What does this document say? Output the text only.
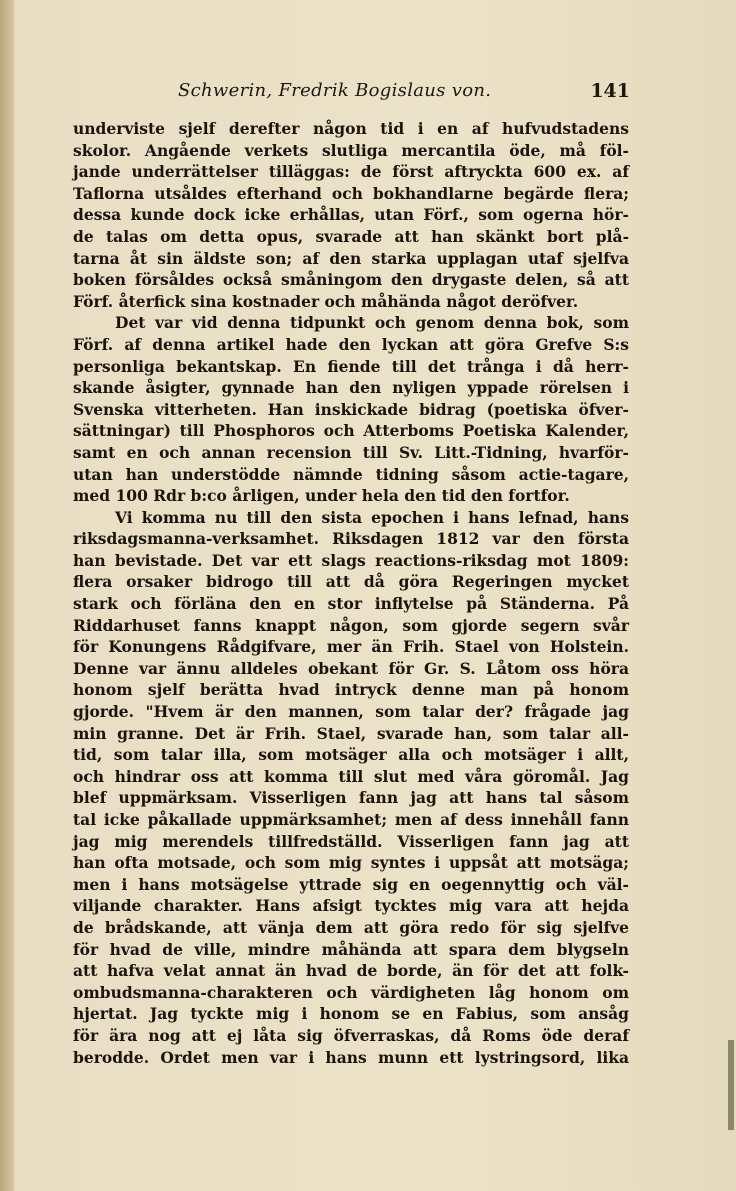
Schwerin, Fredrik Bogislaus von.	141
underviste sjelf derefter någon tid i en af hufvudstadens
skolor. Angående verkets slutliga mercantila öde, må föl-
jande underrättelser tilläggas: de först aftryckta 600 ex. af
Taflorna utsåldes efterhand och bokhandlarne begärde flera;
dessa kunde dock icke erhållas, utan Förf., som ogerna hör-
de talas om detta opus, svarade att han skänkt bort plå-
tarna åt sin äldste son; af den starka upplagan utaf sjelfva
boken försåldes också småningom den drygaste delen, så att
Förf. återfick sina kostnader och måhända något deröfver.
Det var vid denna tidpunkt och genom denna bok, som
Förf. af denna artikel hade den lyckan att göra Grefve S:s
personliga bekantskap. En fiende till det trånga i då herr-
skande åsigter, gynnade han den nyligen yppade rörelsen i
Svenska vitterheten. Han inskickade bidrag (poetiska öfver-
sättningar) till Phosphoros och Atterboms Poetiska Kalender,
samt en och annan recension till Sv. Litt.-Tidning, hvarför-
utan han understödde nämnde tidning såsom actie-tagare,
med 100 Rdr b:co årligen, under hela den tid den fortfor.
Vi komma nu till den sista epochen i hans lefnad, hans
riksdagsmanna-verksamhet. Riksdagen 1812 var den första
han bevistade. Det var ett slags reactions-riksdag mot 1809:
flera orsaker bidrogo till att då göra Regeringen mycket
stark och förläna den en stor inflytelse på Ständerna. På
Riddarhuset fanns knappt någon, som gjorde segern svår
för Konungens Rådgifvare, mer än Frih. Stael von Holstein.
Denne var ännu alldeles obekant för Gr. S. Låtom oss höra
honom sjelf berätta hvad intryck denne man på honom
gjorde. "Hvem är den mannen, som talar der? frågade jag
min granne. Det är Frih. Stael, svarade han, som talar all-
tid, som talar illa, som motsäger alla och motsäger i allt,
och hindrar oss att komma till slut med våra göromål. Jag
blef uppmärksam. Visserligen fann jag att hans tal såsom
tal icke påkallade uppmärksamhet; men af dess innehåll fann
jag mig merendels tillfredställd. Visserligen fann jag att
han ofta motsade, och som mig syntes i uppsåt att motsäga;
men i hans motsägelse yttrade sig en oegennyttig och väl-
viljande charakter. Hans afsigt tycktes mig vara att hejda
de brådskande, att vänja dem att göra redo för sig sjelfve
för hvad de ville, mindre måhända att spara dem blygseln
att hafva velat annat än hvad de borde, än för det att folk-
ombudsmanna-charakteren och värdigheten låg honom om
hjertat. Jag tyckte mig i honom se en Fabius, som ansåg
för ära nog att ej låta sig öfverraskas, då Roms öde deraf
berodde. Ordet men var i hans munn ett lystringsord, lika
